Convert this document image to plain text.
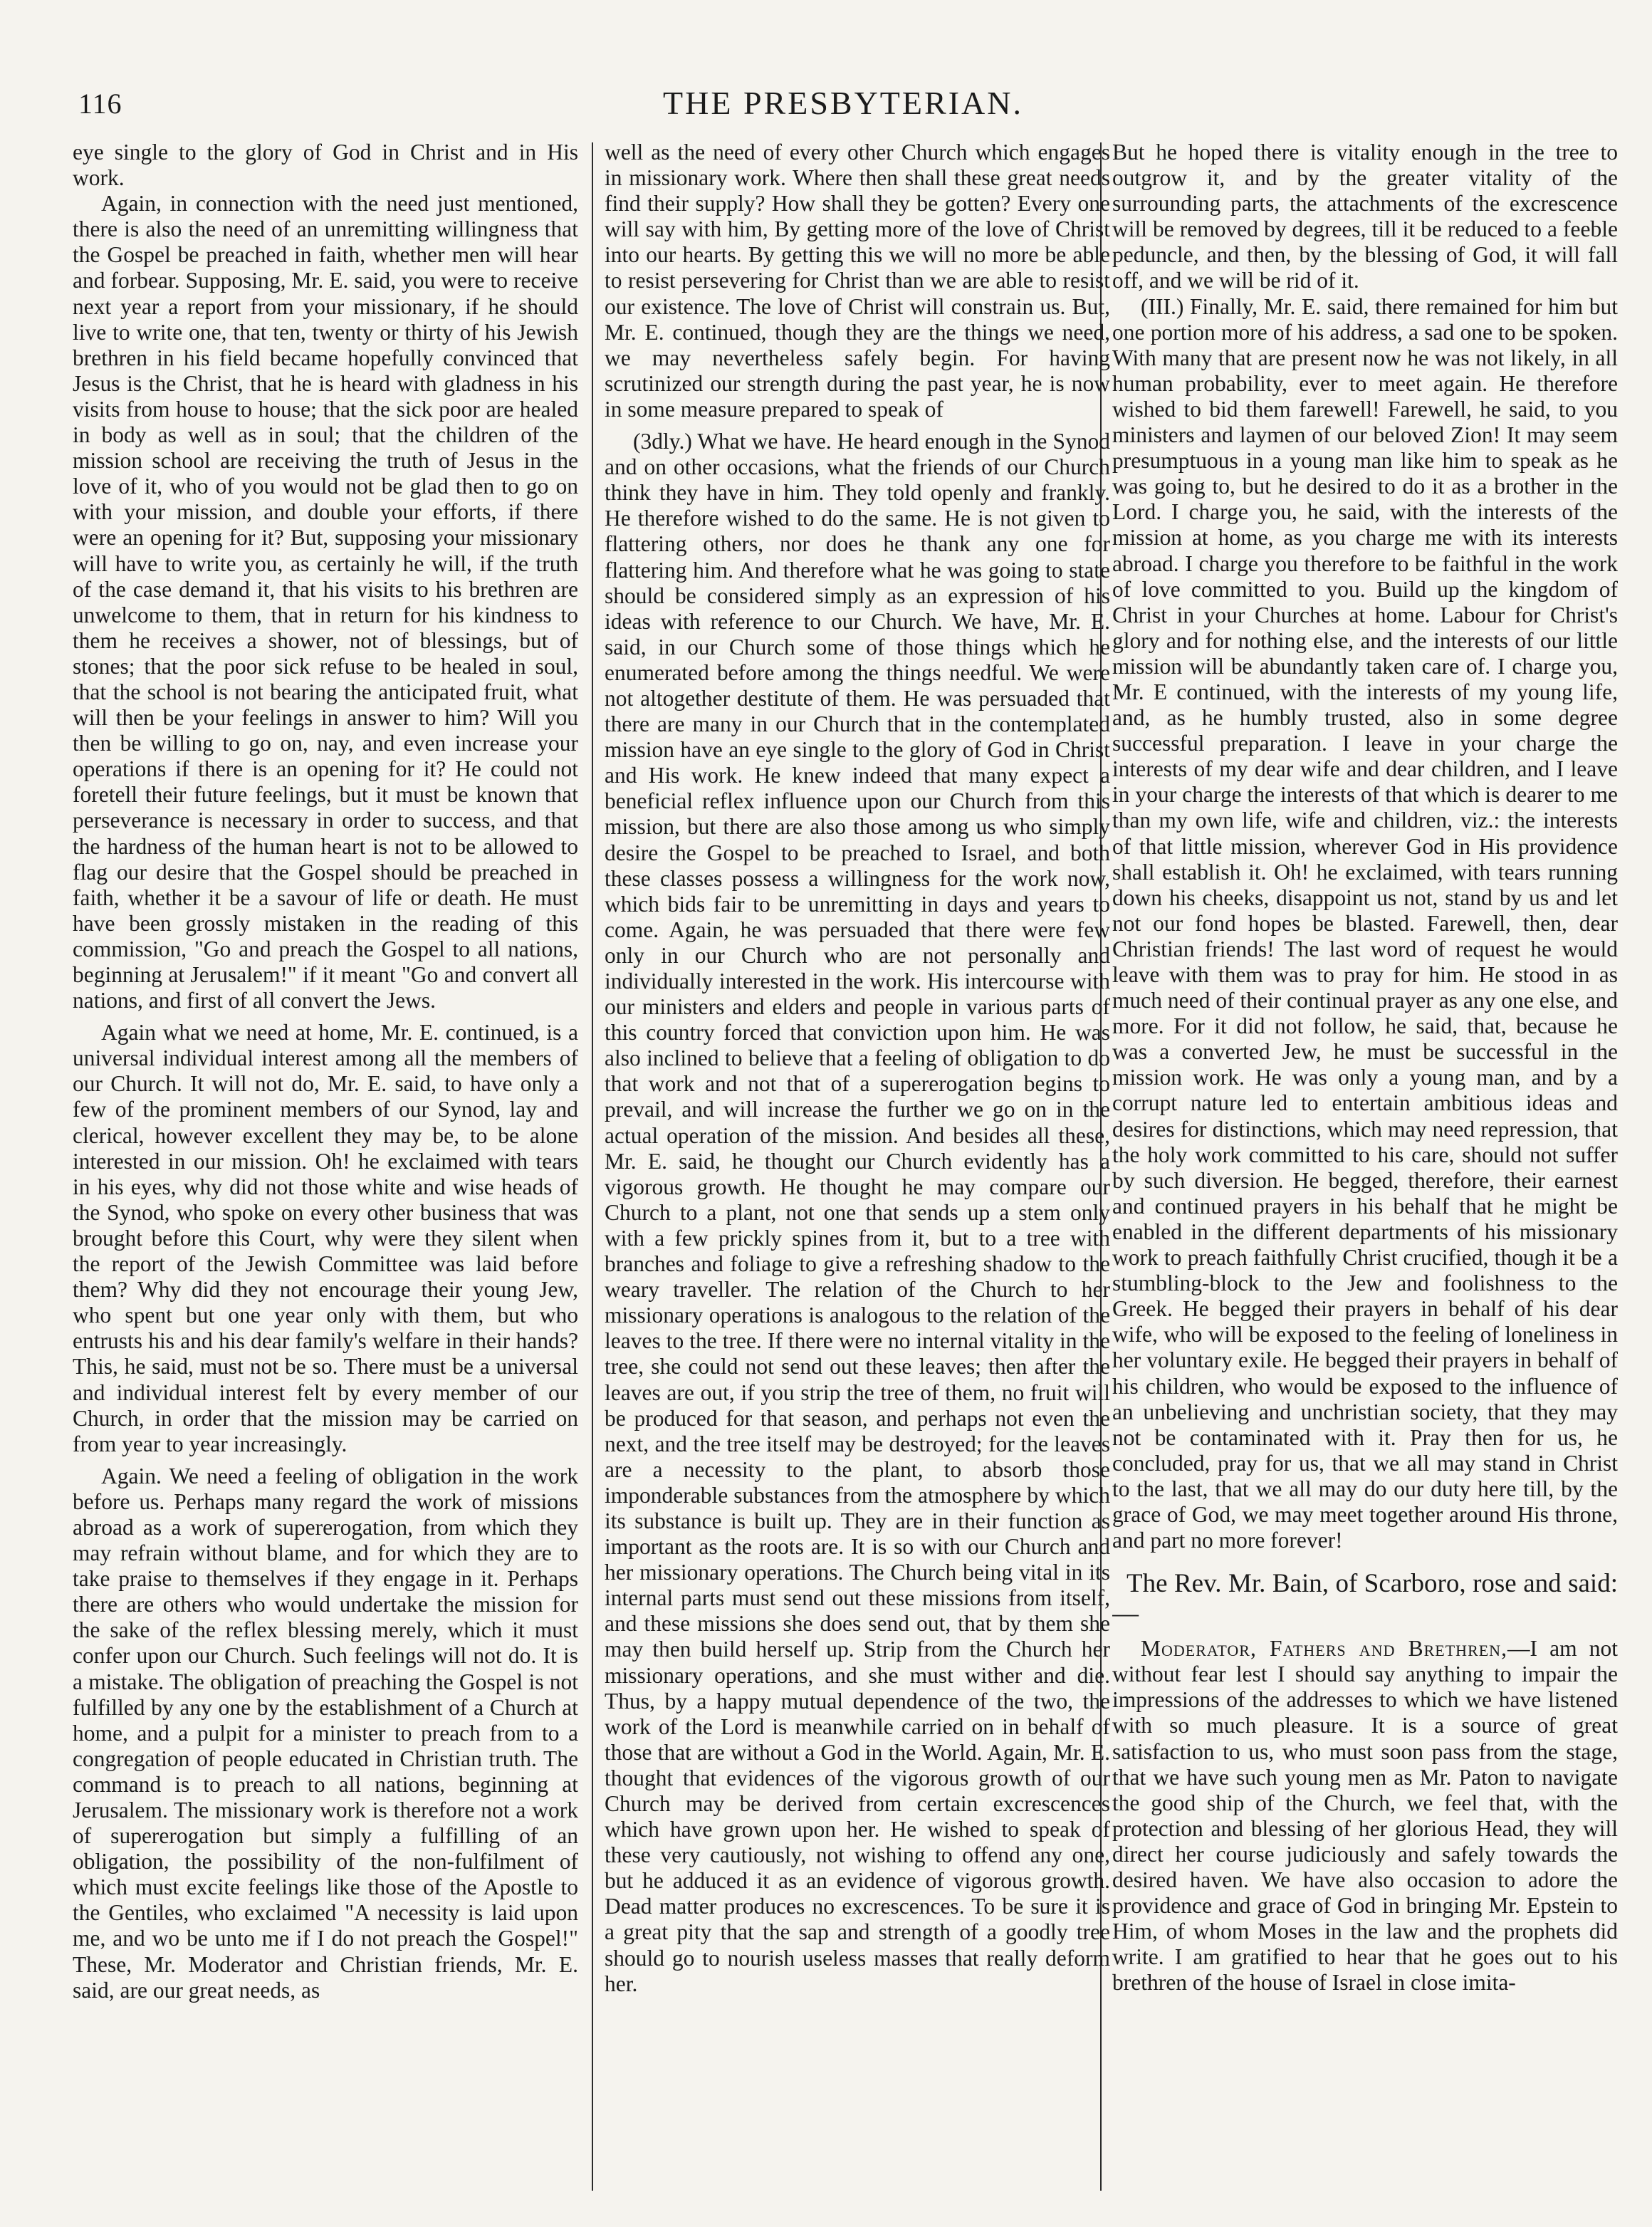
116	THE PRESBYTERIAN.

eye single to the glory of God in Christ and in His work.

Again, in connection with the need just mentioned, there is also the need of an unremitting willingness that the Gospel be preached in faith, whether men will hear and forbear. Supposing, Mr. E. said, you were to receive next year a report from your missionary, if he should live to write one, that ten, twenty or thirty of his Jewish brethren in his field became hopefully convinced that Jesus is the Christ, that he is heard with gladness in his visits from house to house; that the sick poor are healed in body as well as in soul; that the children of the mission school are receiving the truth of Jesus in the love of it, who of you would not be glad then to go on with your mission, and double your efforts, if there were an opening for it? But, supposing your missionary will have to write you, as certainly he will, if the truth of the case demand it, that his visits to his brethren are unwelcome to them, that in return for his kindness to them he receives a shower, not of blessings, but of stones; that the poor sick refuse to be healed in soul, that the school is not bearing the anticipated fruit, what will then be your feelings in answer to him? Will you then be willing to go on, nay, and even increase your operations if there is an opening for it? He could not foretell their future feelings, but it must be known that perseverance is necessary in order to success, and that the hardness of the human heart is not to be allowed to flag our desire that the Gospel should be preached in faith, whether it be a savour of life or death. He must have been grossly mistaken in the reading of this commission, "Go and preach the Gospel to all nations, beginning at Jerusalem!" if it meant "Go and convert all nations, and first of all convert the Jews.

Again what we need at home, Mr. E. continued, is a universal individual interest among all the members of our Church. It will not do, Mr. E. said, to have only a few of the prominent members of our Synod, lay and clerical, however excellent they may be, to be alone interested in our mission. Oh! he exclaimed with tears in his eyes, why did not those white and wise heads of the Synod, who spoke on every other business that was brought before this Court, why were they silent when the report of the Jewish Committee was laid before them? Why did they not encourage their young Jew, who spent but one year only with them, but who entrusts his and his dear family's welfare in their hands? This, he said, must not be so. There must be a universal and individual interest felt by every member of our Church, in order that the mission may be carried on from year to year increasingly.

Again. We need a feeling of obligation in the work before us. Perhaps many regard the work of missions abroad as a work of supererogation, from which they may refrain without blame, and for which they are to take praise to themselves if they engage in it. Perhaps there are others who would undertake the mission for the sake of the reflex blessing merely, which it must confer upon our Church. Such feelings will not do. It is a mistake. The obligation of preaching the Gospel is not fulfilled by any one by the establishment of a Church at home, and a pulpit for a minister to preach from to a congregation of people educated in Christian truth. The command is to preach to all nations, beginning at Jerusalem. The missionary work is therefore not a work of supererogation but simply a fulfilling of an obligation, the possibility of the non-fulfilment of which must excite feelings like those of the Apostle to the Gentiles, who exclaimed "A necessity is laid upon me, and wo be unto me if I do not preach the Gospel!" These, Mr. Moderator and Christian friends, Mr. E. said, are our great needs, as

well as the need of every other Church which engages in missionary work. Where then shall these great needs find their supply? How shall they be gotten? Every one will say with him, By getting more of the love of Christ into our hearts. By getting this we will no more be able to resist persevering for Christ than we are able to resist our existence. The love of Christ will constrain us. But, Mr. E. continued, though they are the things we need, we may nevertheless safely begin. For having scrutinized our strength during the past year, he is now in some measure prepared to speak of

(3dly.) What we have. He heard enough in the Synod and on other occasions, what the friends of our Church think they have in him. They told openly and frankly. He therefore wished to do the same. He is not given to flattering others, nor does he thank any one for flattering him. And therefore what he was going to state should be considered simply as an expression of his ideas with reference to our Church. We have, Mr. E. said, in our Church some of those things which he enumerated before among the things needful. We were not altogether destitute of them. He was persuaded that there are many in our Church that in the contemplated mission have an eye single to the glory of God in Christ and His work. He knew indeed that many expect a beneficial reflex influence upon our Church from this mission, but there are also those among us who simply desire the Gospel to be preached to Israel, and both these classes possess a willingness for the work now, which bids fair to be unremitting in days and years to come. Again, he was persuaded that there were few only in our Church who are not personally and individually interested in the work. His intercourse with our ministers and elders and people in various parts of this country forced that conviction upon him. He was also inclined to believe that a feeling of obligation to do that work and not that of a supererogation begins to prevail, and will increase the further we go on in the actual operation of the mission. And besides all these, Mr. E. said, he thought our Church evidently has a vigorous growth. He thought he may compare our Church to a plant, not one that sends up a stem only with a few prickly spines from it, but to a tree with branches and foliage to give a refreshing shadow to the weary traveller. The relation of the Church to her missionary operations is analogous to the relation of the leaves to the tree. If there were no internal vitality in the tree, she could not send out these leaves; then after the leaves are out, if you strip the tree of them, no fruit will be produced for that season, and perhaps not even the next, and the tree itself may be destroyed; for the leaves are a necessity to the plant, to absorb those imponderable substances from the atmosphere by which its substance is built up. They are in their function as important as the roots are. It is so with our Church and her missionary operations. The Church being vital in its internal parts must send out these missions from itself, and these missions she does send out, that by them she may then build herself up. Strip from the Church her missionary operations, and she must wither and die. Thus, by a happy mutual dependence of the two, the work of the Lord is meanwhile carried on in behalf of those that are without a God in the World. Again, Mr. E. thought that evidences of the vigorous growth of our Church may be derived from certain excrescences which have grown upon her. He wished to speak of these very cautiously, not wishing to offend any one, but he adduced it as an evidence of vigorous growth. Dead matter produces no excrescences. To be sure it is a great pity that the sap and strength of a goodly tree should go to nourish useless masses that really deform her.

But he hoped there is vitality enough in the tree to outgrow it, and by the greater vitality of the surrounding parts, the attachments of the excrescence will be removed by degrees, till it be reduced to a feeble peduncle, and then, by the blessing of God, it will fall off, and we will be rid of it.

(III.) Finally, Mr. E. said, there remained for him but one portion more of his address, a sad one to be spoken. With many that are present now he was not likely, in all human probability, ever to meet again. He therefore wished to bid them farewell! Farewell, he said, to you ministers and laymen of our beloved Zion! It may seem presumptuous in a young man like him to speak as he was going to, but he desired to do it as a brother in the Lord. I charge you, he said, with the interests of the mission at home, as you charge me with its interests abroad. I charge you therefore to be faithful in the work of love committed to you. Build up the kingdom of Christ in your Churches at home. Labour for Christ's glory and for nothing else, and the interests of our little mission will be abundantly taken care of. I charge you, Mr. E continued, with the interests of my young life, and, as he humbly trusted, also in some degree successful preparation. I leave in your charge the interests of my dear wife and dear children, and I leave in your charge the interests of that which is dearer to me than my own life, wife and children, viz.: the interests of that little mission, wherever God in His providence shall establish it. Oh! he exclaimed, with tears running down his cheeks, disappoint us not, stand by us and let not our fond hopes be blasted. Farewell, then, dear Christian friends! The last word of request he would leave with them was to pray for him. He stood in as much need of their continual prayer as any one else, and more. For it did not follow, he said, that, because he was a converted Jew, he must be successful in the mission work. He was only a young man, and by a corrupt nature led to entertain ambitious ideas and desires for distinctions, which may need repression, that the holy work committed to his care, should not suffer by such diversion. He begged, therefore, their earnest and continued prayers in his behalf that he might be enabled in the different departments of his missionary work to preach faithfully Christ crucified, though it be a stumbling-block to the Jew and foolishness to the Greek. He begged their prayers in behalf of his dear wife, who will be exposed to the feeling of loneliness in her voluntary exile. He begged their prayers in behalf of his children, who would be exposed to the influence of an unbelieving and unchristian society, that they may not be contaminated with it. Pray then for us, he concluded, pray for us, that we all may stand in Christ to the last, that we all may do our duty here till, by the grace of God, we may meet together around His throne, and part no more forever!

The Rev. Mr. Bain, of Scarboro, rose and said:—

Moderator, Fathers and Brethren,—I am not without fear lest I should say anything to impair the impressions of the addresses to which we have listened with so much pleasure. It is a source of great satisfaction to us, who must soon pass from the stage, that we have such young men as Mr. Paton to navigate the good ship of the Church, we feel that, with the protection and blessing of her glorious Head, they will direct her course judiciously and safely towards the desired haven. We have also occasion to adore the providence and grace of God in bringing Mr. Epstein to Him, of whom Moses in the law and the prophets did write. I am gratified to hear that he goes out to his brethren of the house of Israel in close imita-
